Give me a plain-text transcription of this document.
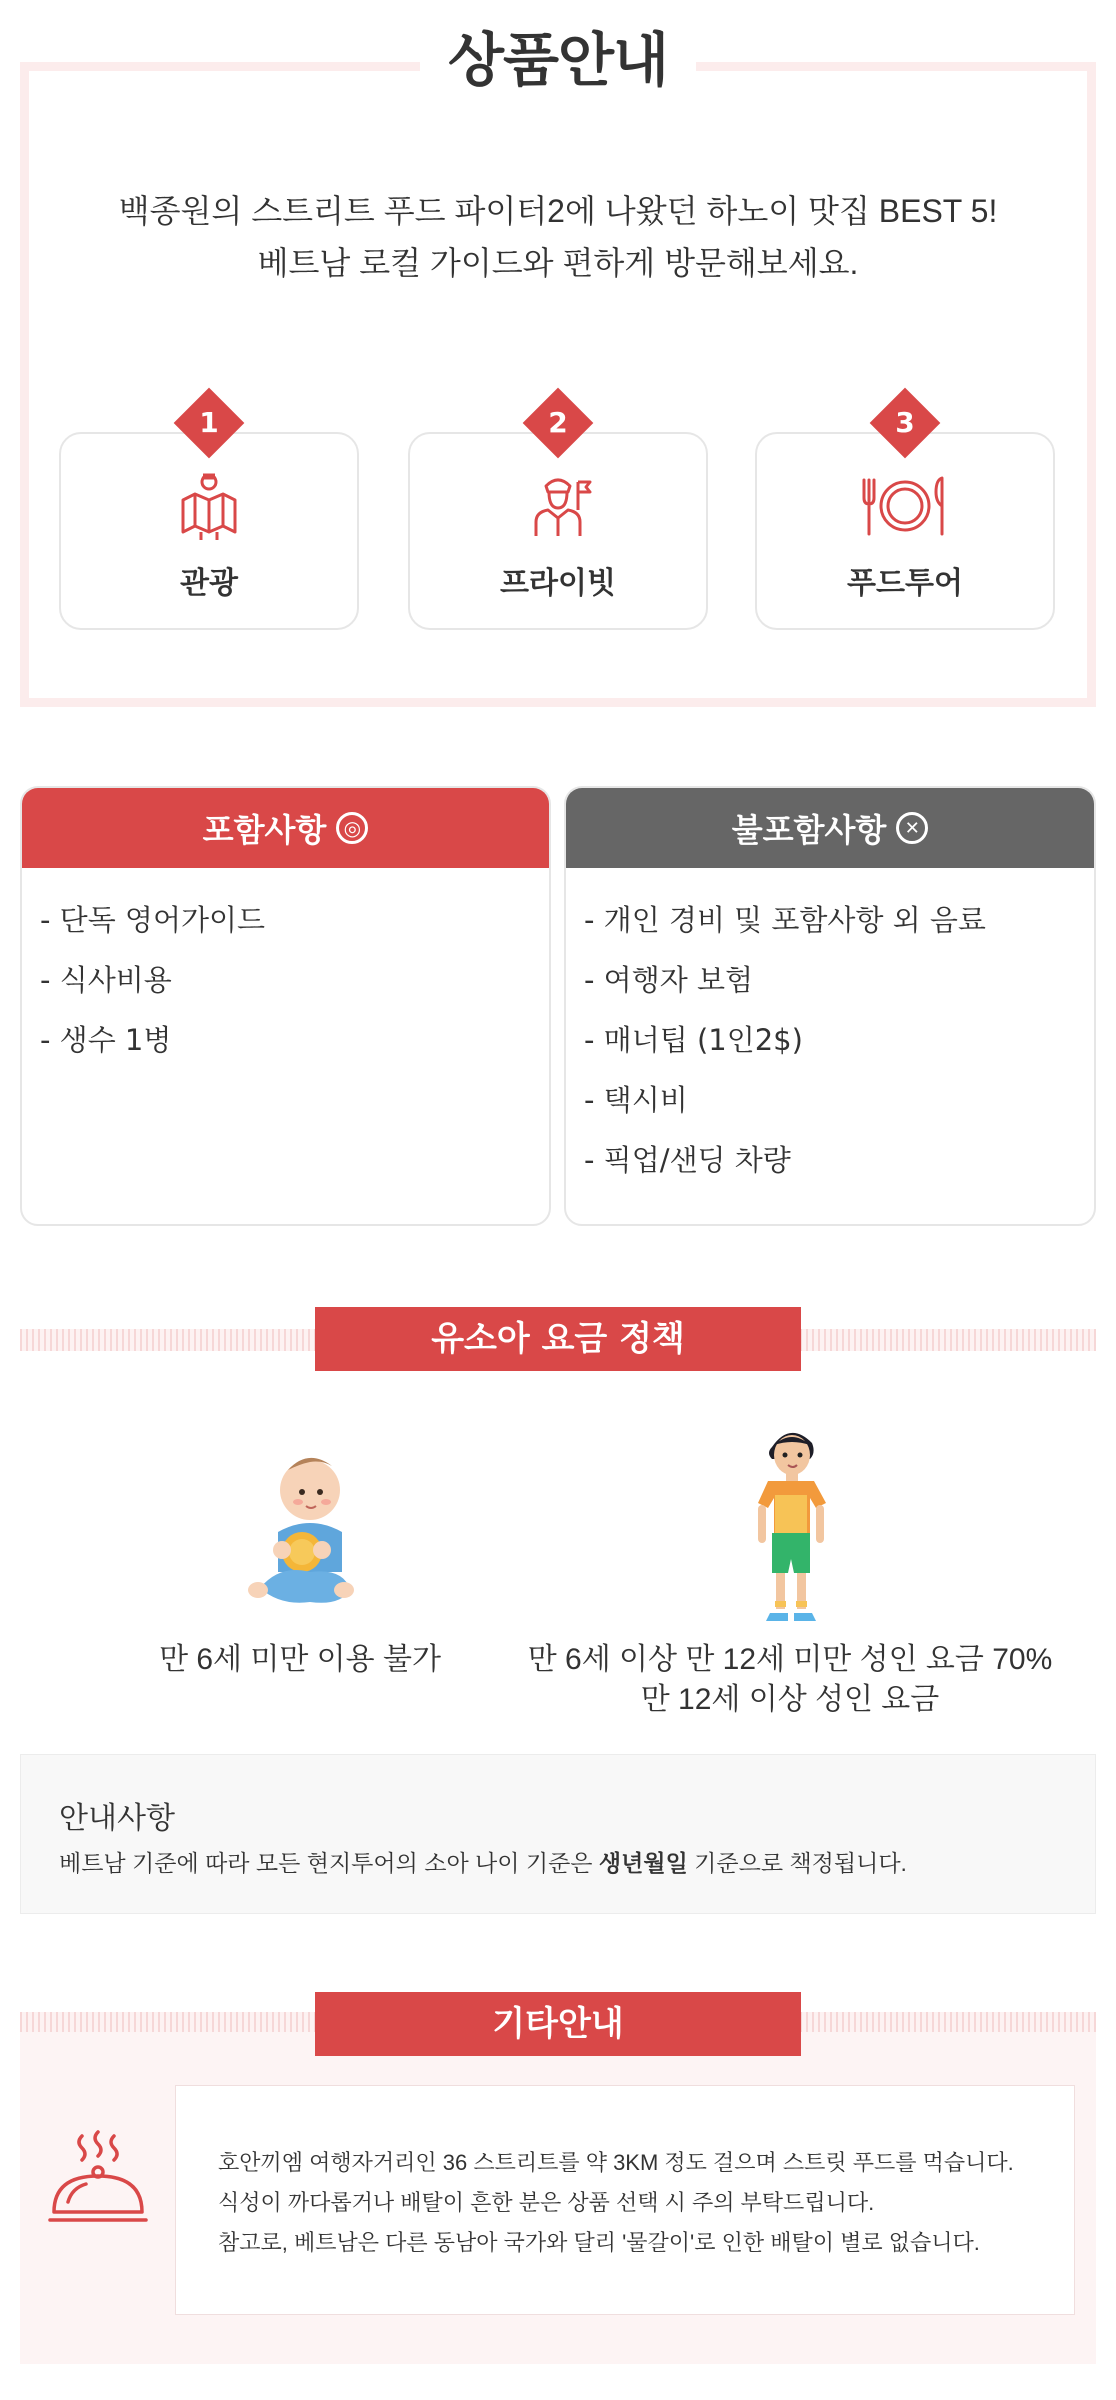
상품안내
백종원의 스트리트 푸드 파이터2에 나왔던 하노이 맛집 BEST 5!
베트남 로컬 가이드와 편하게 방문해보세요.
1
관광
2
프라이빗
3
푸드투어
포함사항 ◎
- 단독 영어가이드
- 식사비용
- 생수 1병
불포함사항	✕
- 개인 경비 및 포함사항 외 음료
- 여행자 보험
- 매너팁 (1인2$)
- 택시비
- 픽업/샌딩 차량
유소아 요금 정책
만 6세 미만 이용 불가	만 6세 이상 만 12세 미만 성인 요금 70%
만 12세 이상 성인 요금
안내사항
베트남 기준에 따라 모든 현지투어의 소아 나이 기준은 생년월일 기준으로 책정됩니다.
기타안내
호안끼엠 여행자거리인 36 스트리트를 약 3KM 정도 걸으며 스트릿 푸드를 먹습니다.
식성이 까다롭거나 배탈이 흔한 분은 상품 선택 시 주의 부탁드립니다.
참고로, 베트남은 다른 동남아 국가와 달리 '물갈이'로 인한 배탈이 별로 없습니다.
